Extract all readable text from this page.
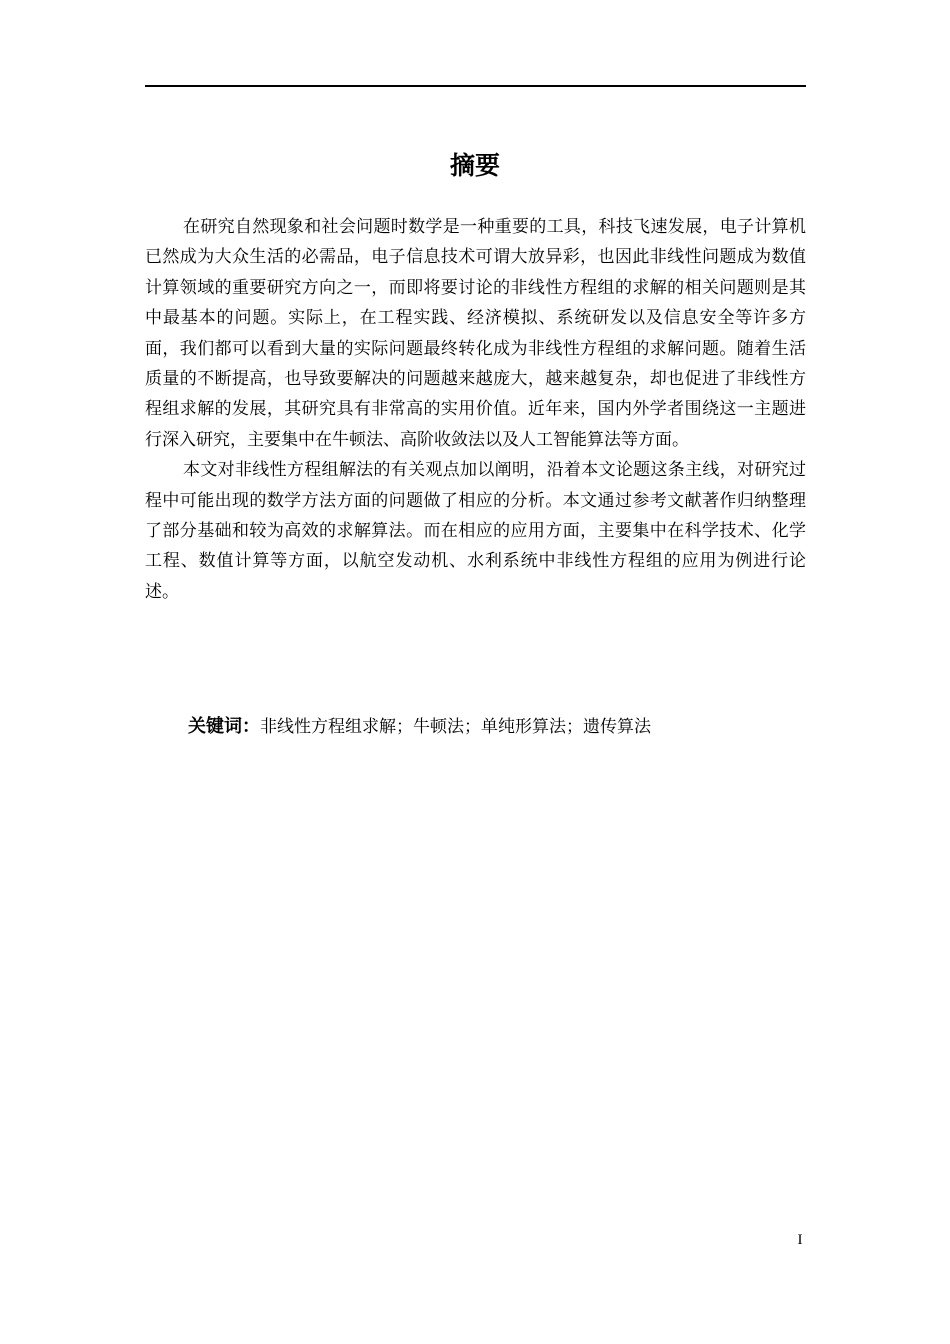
摘要

在研究自然现象和社会问题时数学是一种重要的工具，科技飞速发展，电子计算机已然成为大众生活的必需品，电子信息技术可谓大放异彩，也因此非线性问题成为数值计算领域的重要研究方向之一，而即将要讨论的非线性方程组的求解的相关问题则是其中最基本的问题。实际上，在工程实践、经济模拟、系统研发以及信息安全等许多方面，我们都可以看到大量的实际问题最终转化成为非线性方程组的求解问题。随着生活质量的不断提高，也导致要解决的问题越来越庞大，越来越复杂，却也促进了非线性方程组求解的发展，其研究具有非常高的实用价值。近年来，国内外学者围绕这一主题进行深入研究，主要集中在牛顿法、高阶收敛法以及人工智能算法等方面。

本文对非线性方程组解法的有关观点加以阐明，沿着本文论题这条主线，对研究过程中可能出现的数学方法方面的问题做了相应的分析。本文通过参考文献著作归纳整理了部分基础和较为高效的求解算法。而在相应的应用方面，主要集中在科学技术、化学工程、数值计算等方面，以航空发动机、水利系统中非线性方程组的应用为例进行论述。

关键词：非线性方程组求解；牛顿法；单纯形算法；遗传算法
I
